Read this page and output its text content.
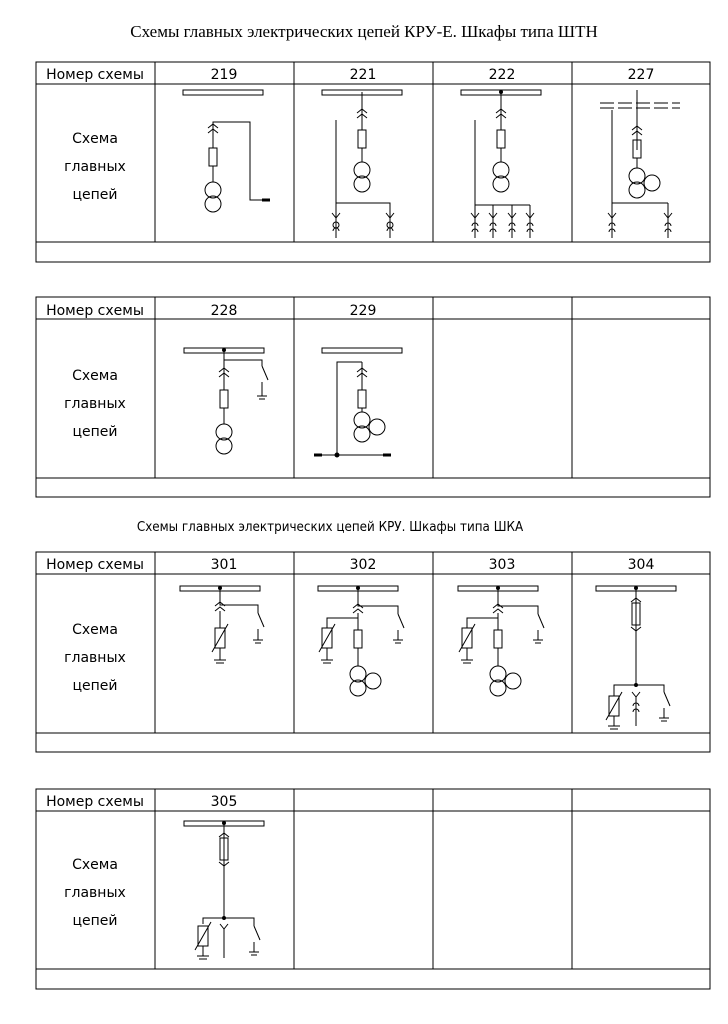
Схемы главных электрических цепей КРУ-Е. Шкафы типа ШТН
Схемы главных электрических цепей КРУ. Шкафы типа ШКА
Номер схемы	219	221	222	227
Схема
главных
цепей
Номер схемы	228	229
Схема
главных
цепей
Номер схемы	301	302	303	304
Схема
главных
цепей
Номер схемы	305
Схема
главных
цепей
